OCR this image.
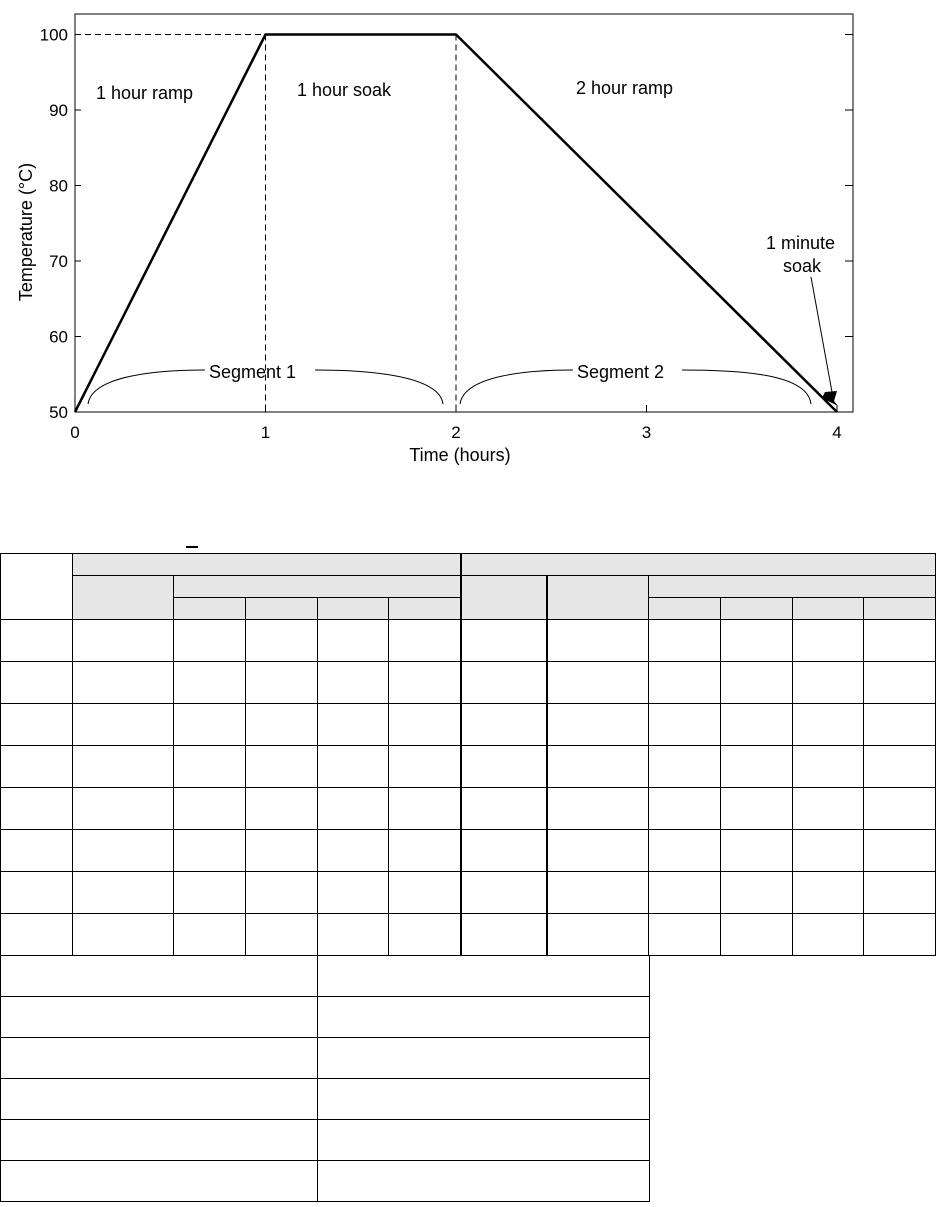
50
60
70
80
90
100
0	1	2	3	4
Time (hours)
Temperature (°C)
1 hour ramp	1 hour soak	2 hour ramp
1 minute
soak
Segment 1	Segment 2
